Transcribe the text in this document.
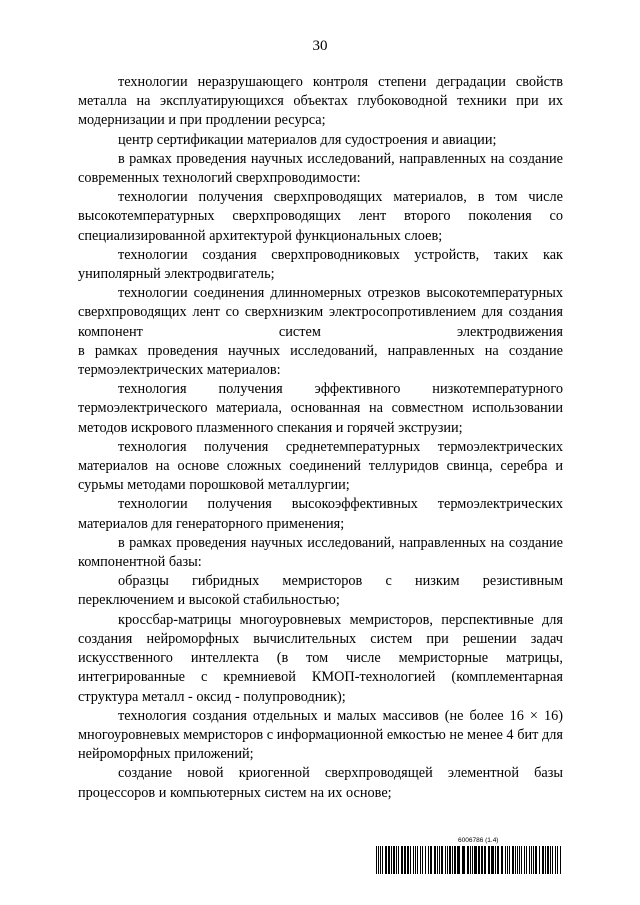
30

технологии неразрушающего контроля степени деградации свойств металла на эксплуатирующихся объектах глубоководной техники при их модернизации и при продлении ресурса;

центр сертификации материалов для судостроения и авиации;

в рамках проведения научных исследований, направленных на создание современных технологий сверхпроводимости:

технологии получения сверхпроводящих материалов, в том числе высокотемпературных сверхпроводящих лент второго поколения со специализированной архитектурой функциональных слоев;

технологии создания сверхпроводниковых устройств, таких как униполярный электродвигатель;

технологии соединения длинномерных отрезков высокотемпературных сверхпроводящих лент со сверхнизким электросопротивлением для создания компонент систем электродвижения

в рамках проведения научных исследований, направленных на создание термоэлектрических материалов:

технология получения эффективного низкотемпературного термоэлектрического материала, основанная на совместном использовании методов искрового плазменного спекания и горячей экструзии;

технология получения среднетемпературных термоэлектрических материалов на основе сложных соединений теллуридов свинца, серебра и сурьмы методами порошковой металлургии;

технологии получения высокоэффективных термоэлектрических материалов для генераторного применения;

в рамках проведения научных исследований, направленных на создание компонентной базы:

образцы гибридных мемристоров с низким резистивным переключением и высокой стабильностью;

кроссбар-матрицы многоуровневых мемристоров, перспективные для создания нейроморфных вычислительных систем при решении задач искусственного интеллекта (в том числе мемристорные матрицы, интегрированные с кремниевой КМОП-технологией (комплементарная структура металл - оксид - полупроводник);

технология создания отдельных и малых массивов (не более 16 × 16) многоуровневых мемристоров с информационной емкостью не менее 4 бит для нейроморфных приложений;

создание новой криогенной сверхпроводящей элементной базы процессоров и компьютерных систем на их основе;

6006786 (1.4)
